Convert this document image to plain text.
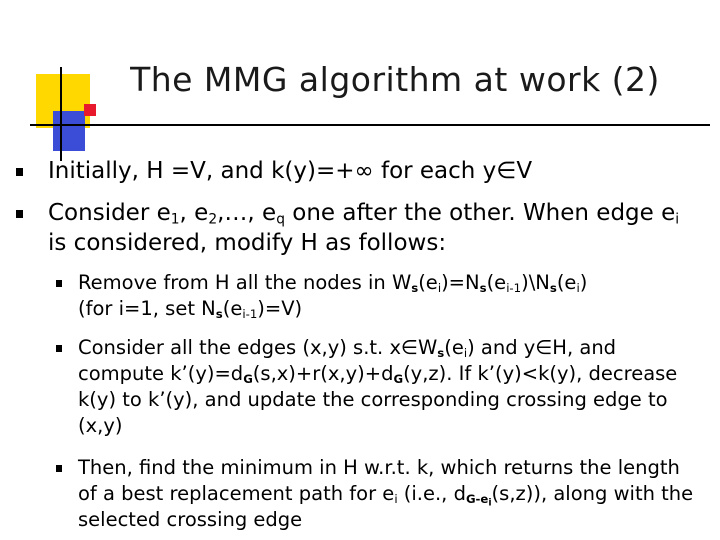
The MMG algorithm at work (2)
Initially, H =V, and k(y)=+∞ for each y∈V
Consider $e_1$, $e_2,\dots$, $e_q$ one after the other. When edge $e_i$ is considered, modify H as follows:
Remove from H all the nodes in $W_s(e_i)=N_s(e_{i-1})\backslash N_s(e_i)$
(for i=1, set $N_s(e_{i-1})=V$)
Consider all the edges (x,y) s.t. $x\in W_s(e_i)$ and y∈H, and compute $k’(y)=d_G(s,x)+r(x,y)+d_G(y,z)$. If k’(y)<k(y), decrease k(y) to k’(y), and update the corresponding crossing edge to (x,y)
Then, find the minimum in H w.r.t. k, which returns the length of a best replacement path for $e_i$ (i.e., $d_{G-e_i}(s,z)$), along with the selected crossing edge
